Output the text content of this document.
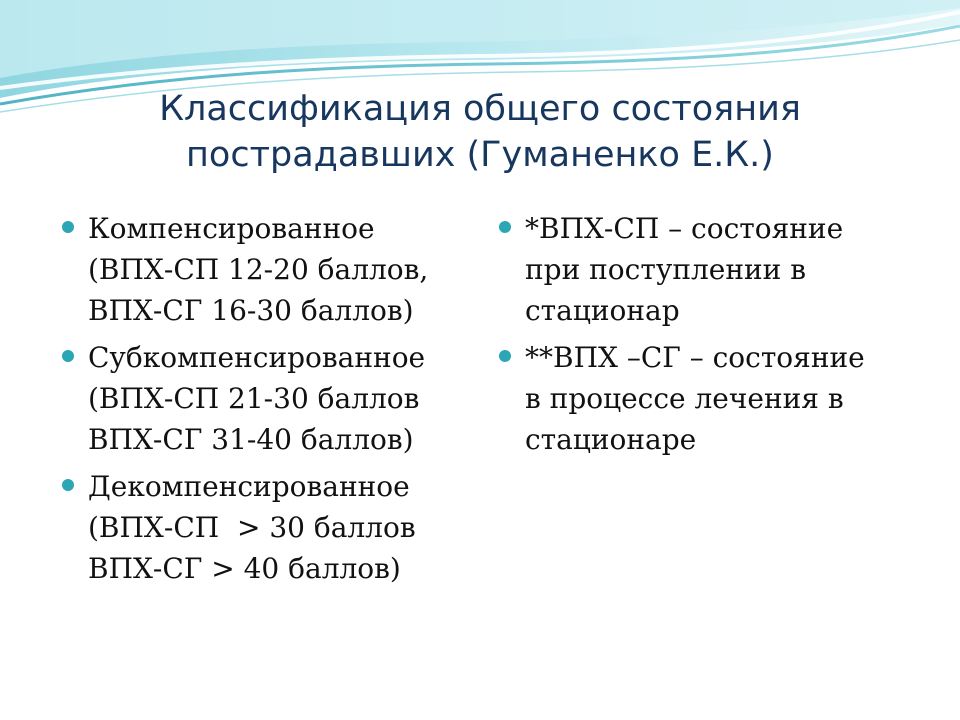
Классификация общего состояния
пострадавших (Гуманенко Е.К.)
Компенсированное
(ВПХ-СП 12-20 баллов,
ВПХ-СГ 16-30 баллов)
Субкомпенсированное
(ВПХ-СП 21-30 баллов
ВПХ-СГ 31-40 баллов)
Декомпенсированное
(ВПХ-СП  > 30 баллов
ВПХ-СГ > 40 баллов)
*ВПХ-СП – состояние
при поступлении в
стационар
**ВПХ –СГ – состояние
в процессе лечения в
стационаре
